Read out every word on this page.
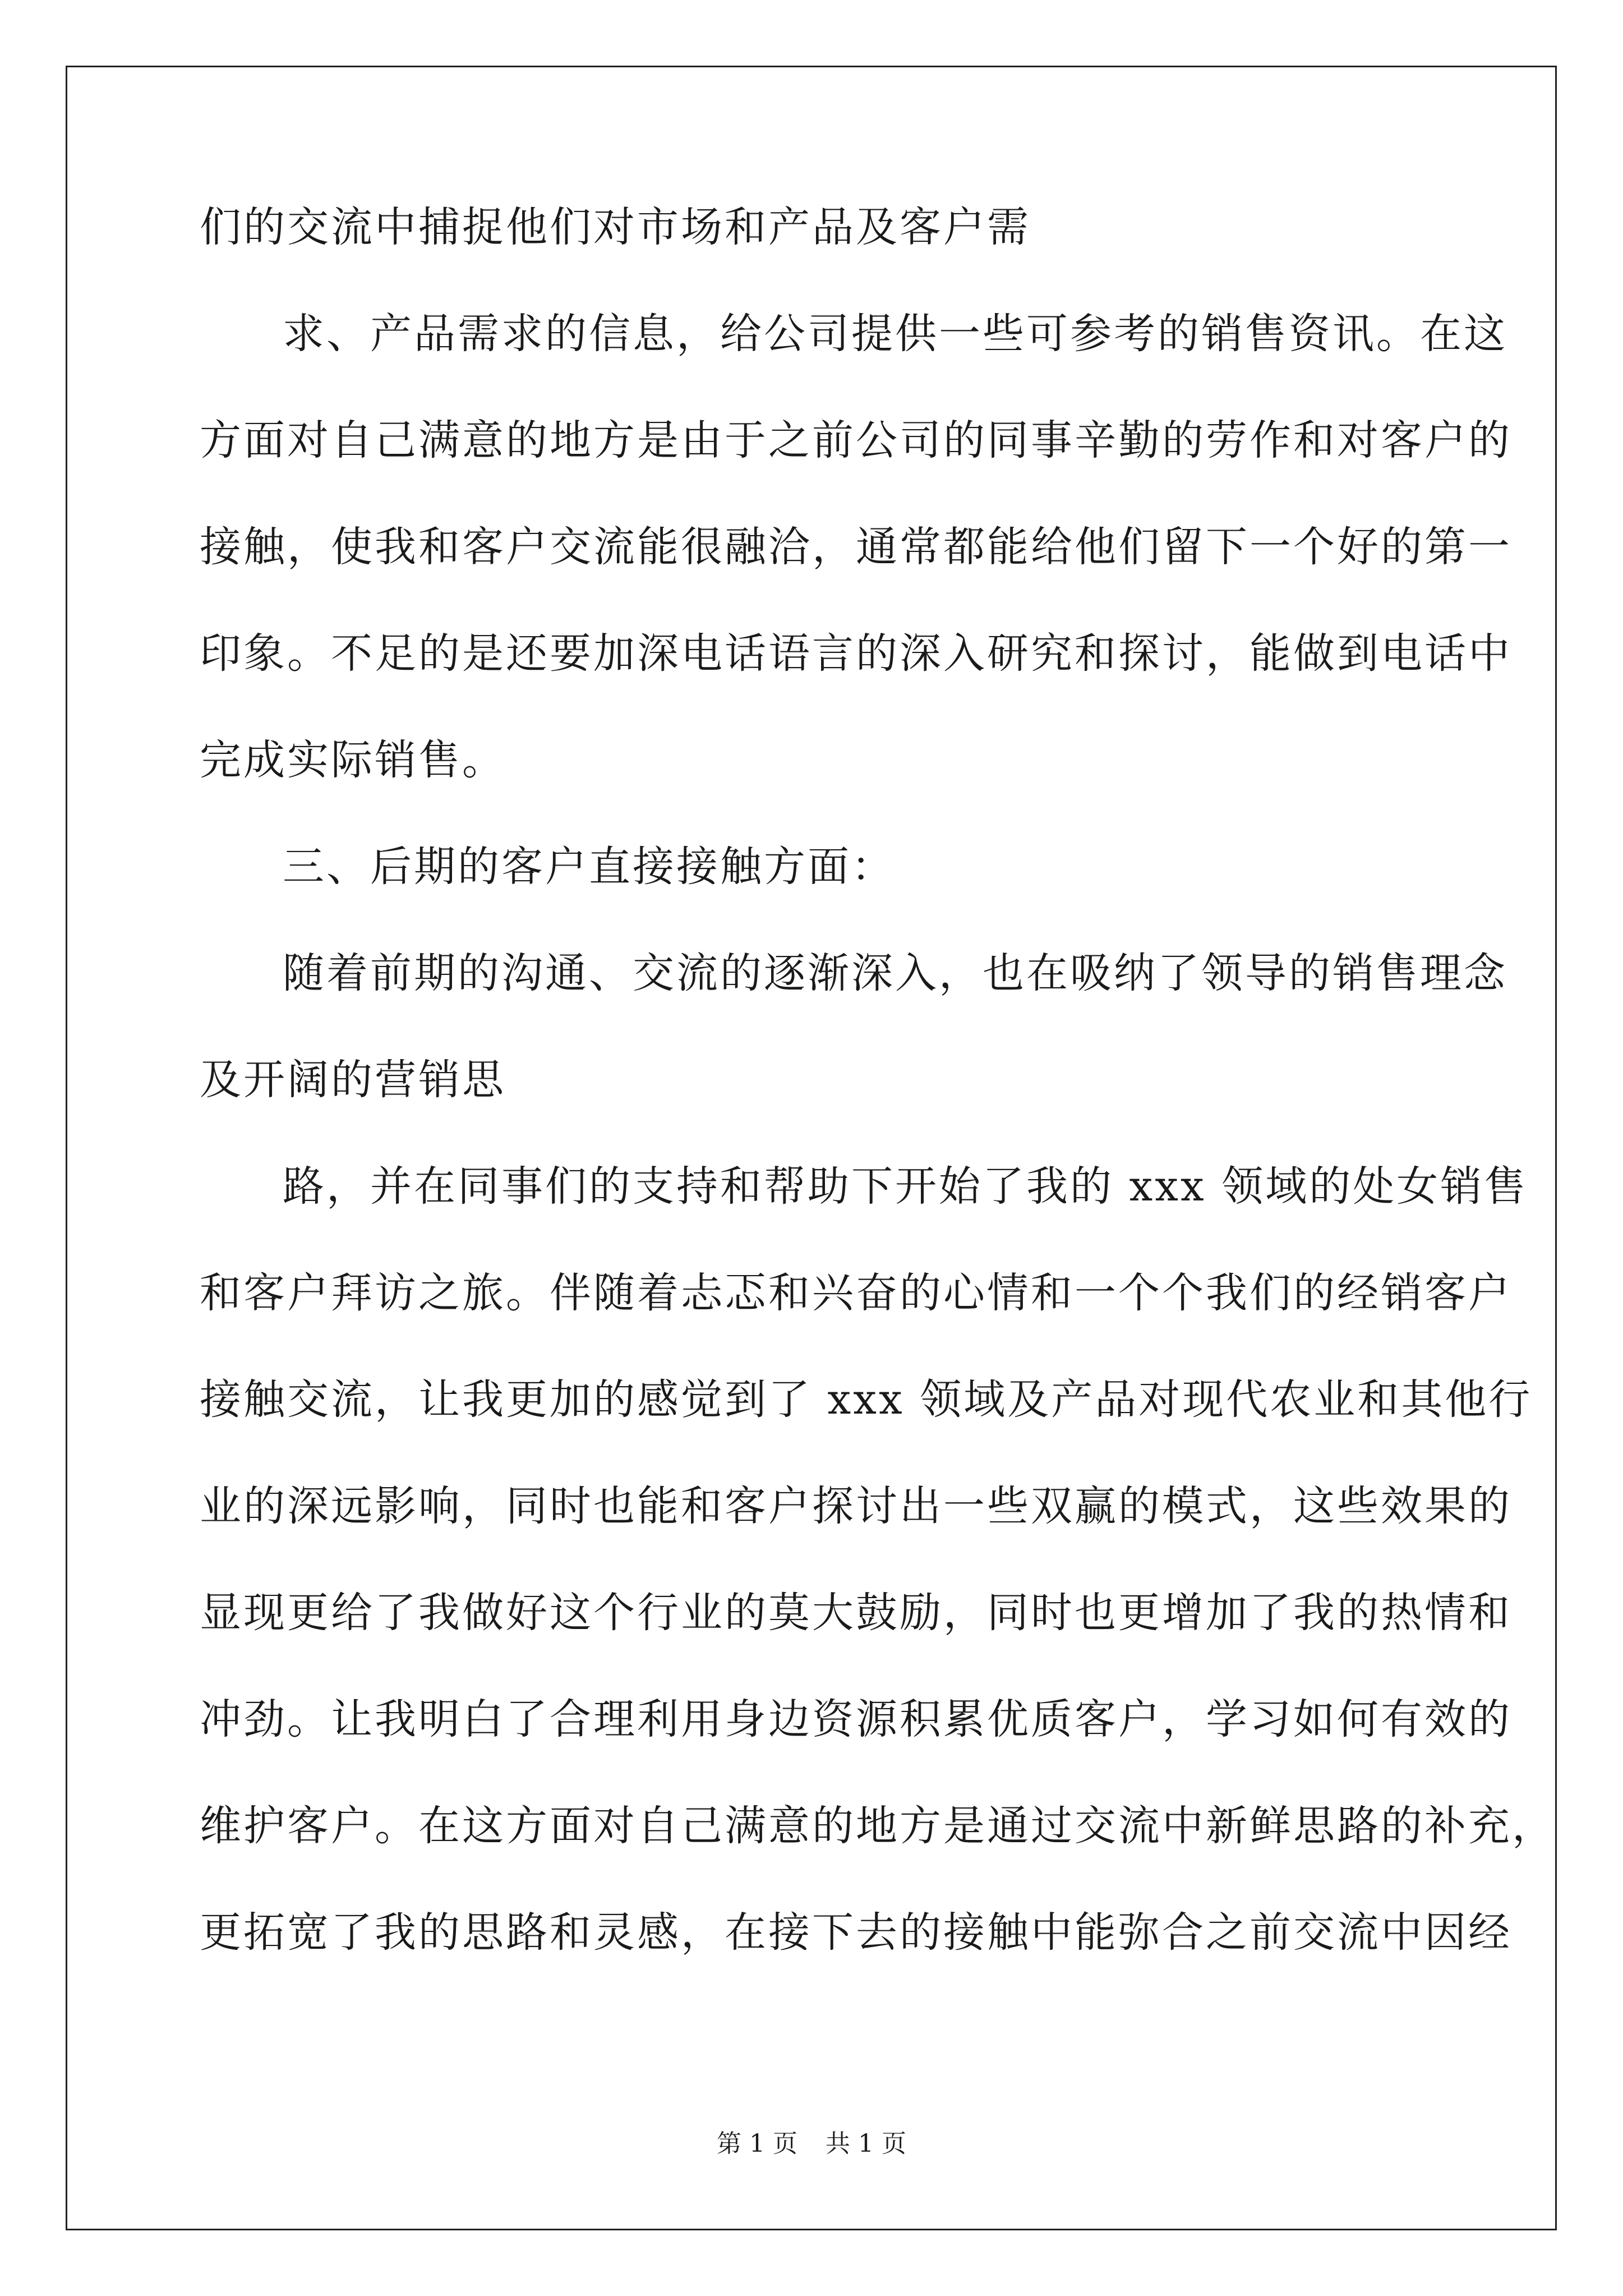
们的交流中捕捉他们对市场和产品及客户需
求、产品需求的信息，给公司提供一些可参考的销售资讯。在这
方面对自己满意的地方是由于之前公司的同事辛勤的劳作和对客户的
接触，使我和客户交流能很融洽，通常都能给他们留下一个好的第一
印象。不足的是还要加深电话语言的深入研究和探讨，能做到电话中
完成实际销售。
三、后期的客户直接接触方面：
随着前期的沟通、交流的逐渐深入，也在吸纳了领导的销售理念
及开阔的营销思
路，并在同事们的支持和帮助下开始了我的 xxx 领域的处女销售
和客户拜访之旅。伴随着忐忑和兴奋的心情和一个个我们的经销客户
接触交流，让我更加的感觉到了 xxx 领域及产品对现代农业和其他行
业的深远影响，同时也能和客户探讨出一些双赢的模式，这些效果的
显现更给了我做好这个行业的莫大鼓励，同时也更增加了我的热情和
冲劲。让我明白了合理利用身边资源积累优质客户，学习如何有效的
维护客户。在这方面对自己满意的地方是通过交流中新鲜思路的补充，
更拓宽了我的思路和灵感，在接下去的接触中能弥合之前交流中因经
第 1 页 共 1 页
